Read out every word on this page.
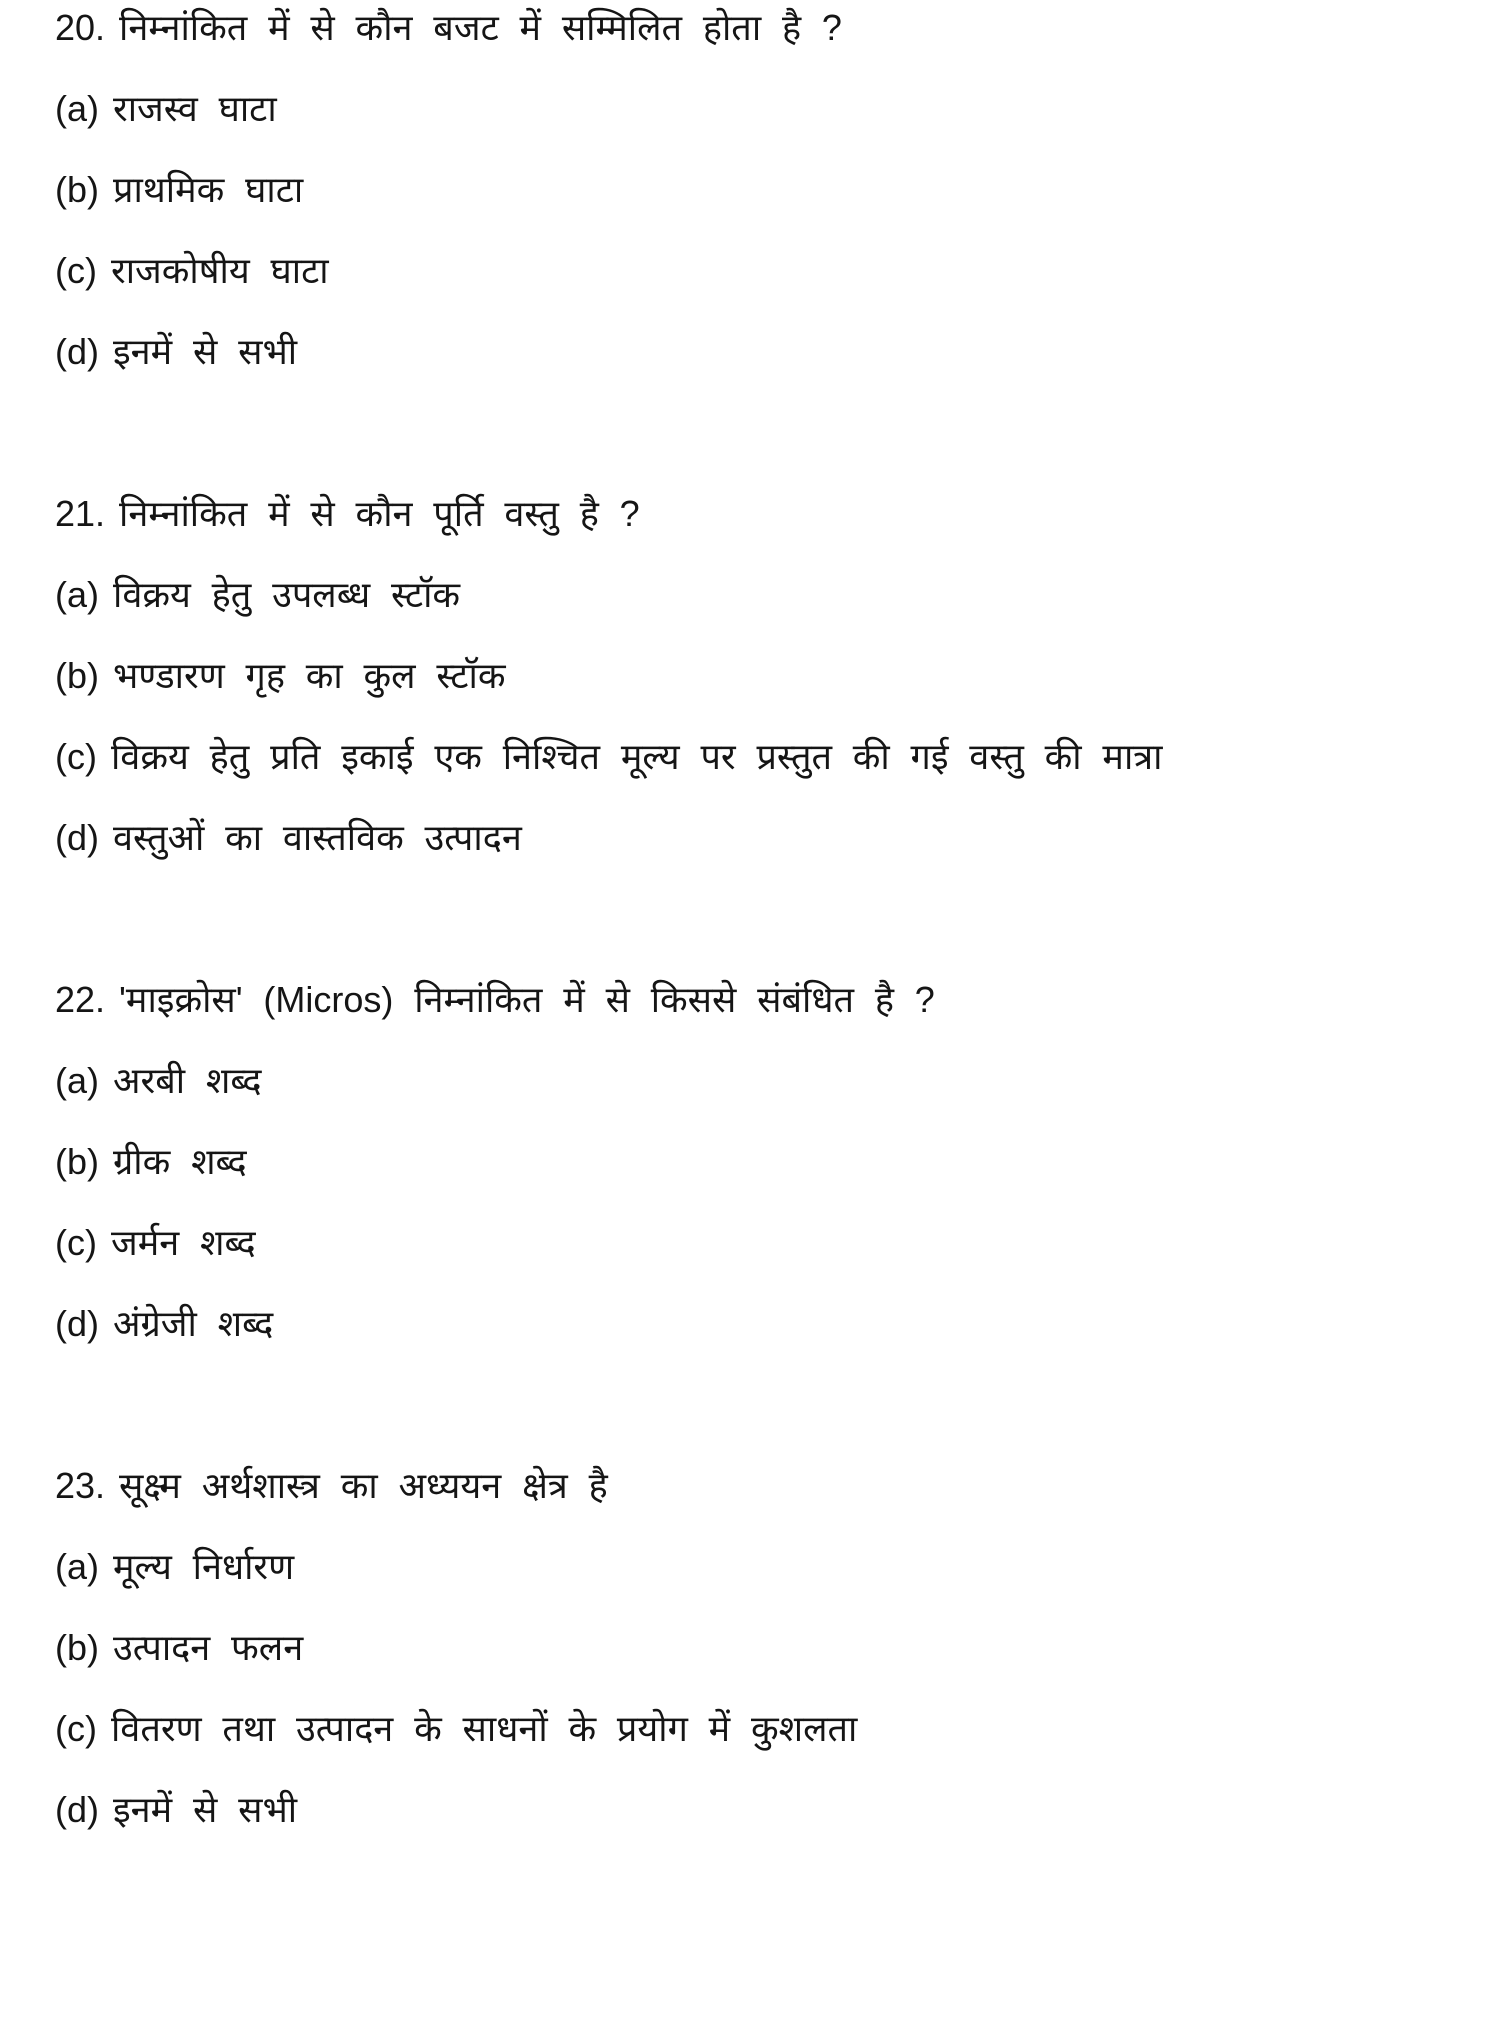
20. निम्नांकित में से कौन बजट में सम्मिलित होता है ?
(a) राजस्व घाटा
(b) प्राथमिक घाटा
(c) राजकोषीय घाटा
(d) इनमें से सभी
21. निम्नांकित में से कौन पूर्ति वस्तु है ?
(a) विक्रय हेतु उपलब्ध स्टॉक
(b) भण्डारण गृह का कुल स्टॉक
(c) विक्रय हेतु प्रति इकाई एक निश्चित मूल्य पर प्रस्तुत की गई वस्तु की मात्रा
(d) वस्तुओं का वास्तविक उत्पादन
22. 'माइक्रोस' (Micros) निम्नांकित में से किससे संबंधित है ?
(a) अरबी शब्द
(b) ग्रीक शब्द
(c) जर्मन शब्द
(d) अंग्रेजी शब्द
23. सूक्ष्म अर्थशास्त्र का अध्ययन क्षेत्र है
(a) मूल्य निर्धारण
(b) उत्पादन फलन
(c) वितरण तथा उत्पादन के साधनों के प्रयोग में कुशलता
(d) इनमें से सभी
